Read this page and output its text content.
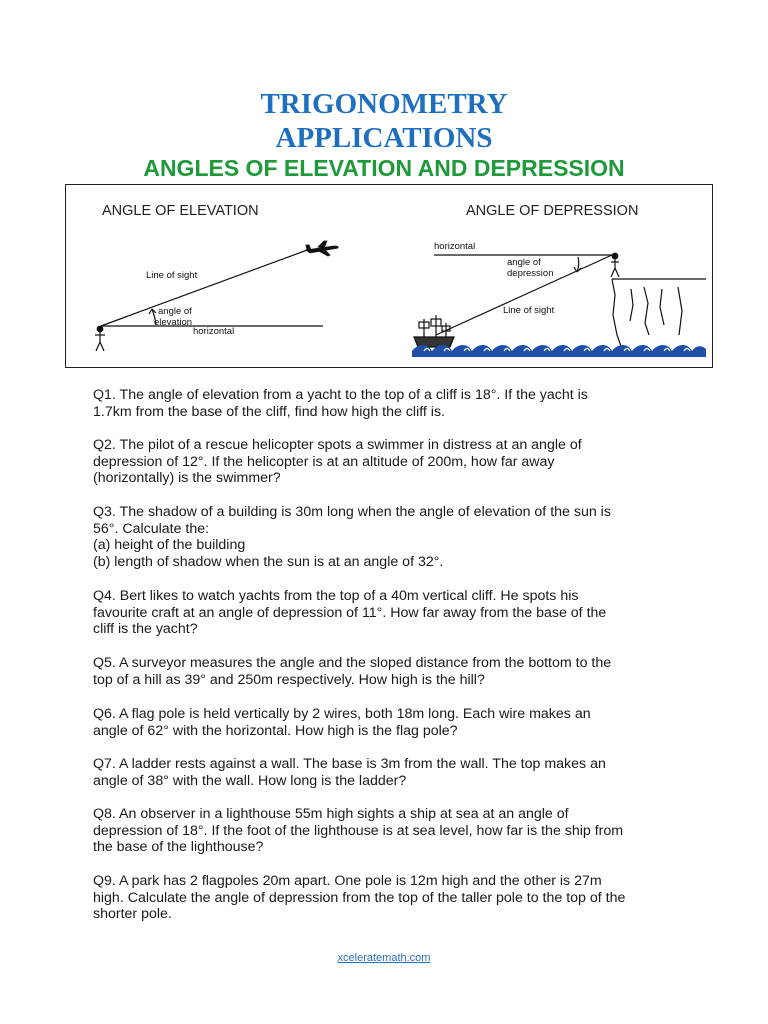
TRIGONOMETRY
APPLICATIONS
ANGLES OF ELEVATION AND DEPRESSION
ANGLE OF ELEVATION
Line of sight
angle of
elevation
horizontal
ANGLE OF DEPRESSION
horizontal
angle of
depression
Line of sight
Q1. The angle of elevation from a yacht to the top of a cliff is 18°. If the yacht is
1.7km from the base of the cliff, find how high the cliff is.
Q2. The pilot of a rescue helicopter spots a swimmer in distress at an angle of
depression of 12°. If the helicopter is at an altitude of 200m, how far away
(horizontally) is the swimmer?
Q3. The shadow of a building is 30m long when the angle of elevation of the sun is
56°. Calculate the:
(a) height of the building
(b) length of shadow when the sun is at an angle of 32°.
Q4. Bert likes to watch yachts from the top of a 40m vertical cliff. He spots his
favourite craft at an angle of depression of 11°. How far away from the base of the
cliff is the yacht?
Q5. A surveyor measures the angle and the sloped distance from the bottom to the
top of a hill as 39° and 250m respectively. How high is the hill?
Q6. A flag pole is held vertically by 2 wires, both 18m long. Each wire makes an
angle of 62° with the horizontal. How high is the flag pole?
Q7. A ladder rests against a wall. The base is 3m from the wall. The top makes an
angle of 38° with the wall. How long is the ladder?
Q8. An observer in a lighthouse 55m high sights a ship at sea at an angle of
depression of 18°. If the foot of the lighthouse is at sea level, how far is the ship from
the base of the lighthouse?
Q9. A park has 2 flagpoles 20m apart. One pole is 12m high and the other is 27m
high. Calculate the angle of depression from the top of the taller pole to the top of the
shorter pole.
xceleratemath.com
